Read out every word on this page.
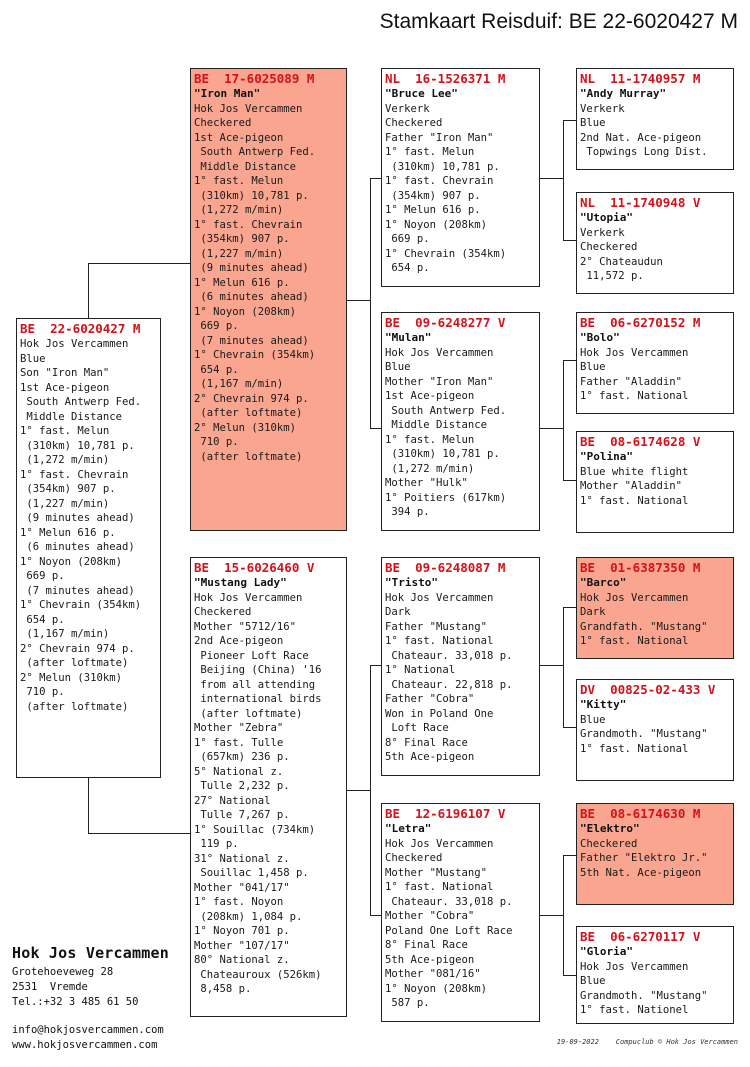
Stamkaart Reisduif: BE 22-6020427 M
BE  22-6020427 M
Hok Jos Vercammen
Blue
Son "Iron Man"
1st Ace-pigeon
South Antwerp Fed.
Middle Distance
1° fast. Melun
(310km) 10,781 p.
(1,272 m/min)
1° fast. Chevrain
(354km) 907 p.
(1,227 m/min)
(9 minutes ahead)
1° Melun 616 p.
(6 minutes ahead)
1° Noyon (208km)
669 p.
(7 minutes ahead)
1° Chevrain (354km)
654 p.
(1,167 m/min)
2° Chevrain 974 p.
(after loftmate)
2° Melun (310km)
710 p.
(after loftmate)
BE  17-6025089 M
"Iron Man"
Hok Jos Vercammen
Checkered
1st Ace-pigeon
South Antwerp Fed.
Middle Distance
1° fast. Melun
(310km) 10,781 p.
(1,272 m/min)
1° fast. Chevrain
(354km) 907 p.
(1,227 m/min)
(9 minutes ahead)
1° Melun 616 p.
(6 minutes ahead)
1° Noyon (208km)
669 p.
(7 minutes ahead)
1° Chevrain (354km)
654 p.
(1,167 m/min)
2° Chevrain 974 p.
(after loftmate)
2° Melun (310km)
710 p.
(after loftmate)
BE  15-6026460 V
"Mustang Lady"
Hok Jos Vercammen
Checkered
Mother "5712/16"
2nd Ace-pigeon
Pioneer Loft Race
Beijing (China) '16
from all attending
international birds
(after loftmate)
Mother "Zebra"
1° fast. Tulle
(657km) 236 p.
5° National z.
Tulle 2,232 p.
27° National
Tulle 7,267 p.
1° Souillac (734km)
119 p.
31° National z.
Souillac 1,458 p.
Mother "041/17"
1° fast. Noyon
(208km) 1,084 p.
1° Noyon 701 p.
Mother "107/17"
80° National z.
Chateauroux (526km)
8,458 p.
NL  16-1526371 M
"Bruce Lee"
Verkerk
Checkered
Father "Iron Man"
1° fast. Melun
(310km) 10,781 p.
1° fast. Chevrain
(354km) 907 p.
1° Melun 616 p.
1° Noyon (208km)
669 p.
1° Chevrain (354km)
654 p.
BE  09-6248277 V
"Mulan"
Hok Jos Vercammen
Blue
Mother "Iron Man"
1st Ace-pigeon
South Antwerp Fed.
Middle Distance
1° fast. Melun
(310km) 10,781 p.
(1,272 m/min)
Mother "Hulk"
1° Poitiers (617km)
394 p.
BE  09-6248087 M
"Tristo"
Hok Jos Vercammen
Dark
Father "Mustang"
1° fast. National
Chateaur. 33,018 p.
1° National
Chateaur. 22,818 p.
Father "Cobra"
Won in Poland One
Loft Race
8° Final Race
5th Ace-pigeon
BE  12-6196107 V
"Letra"
Hok Jos Vercammen
Checkered
Mother "Mustang"
1° fast. National
Chateaur. 33,018 p.
Mother "Cobra"
Poland One Loft Race
8° Final Race
5th Ace-pigeon
Mother "081/16"
1° Noyon (208km)
587 p.
NL  11-1740957 M
"Andy Murray"
Verkerk
Blue
2nd Nat. Ace-pigeon
Topwings Long Dist.
NL  11-1740948 V
"Utopia"
Verkerk
Checkered
2° Chateaudun
11,572 p.
BE  06-6270152 M
"Bolo"
Hok Jos Vercammen
Blue
Father "Aladdin"
1° fast. National
BE  08-6174628 V
"Polina"
Blue white flight
Mother "Aladdin"
1° fast. National
BE  01-6387350 M
"Barco"
Hok Jos Vercammen
Dark
Grandfath. "Mustang"
1° fast. National
DV  00825-02-433 V
"Kitty"
Blue
Grandmoth. "Mustang"
1° fast. National
BE  08-6174630 M
"Elektro"
Checkered
Father "Elektro Jr."
5th Nat. Ace-pigeon
BE  06-6270117 V
"Gloria"
Hok Jos Vercammen
Blue
Grandmoth. "Mustang"
1° fast. Nationel
Hok Jos Vercammen
Grotehoeveweg 28
2531  Vremde
Tel.:+32 3 485 61 50
info@hokjosvercammen.com
www.hokjosvercammen.com	19-09-2022    Compuclub © Hok Jos Vercammen
